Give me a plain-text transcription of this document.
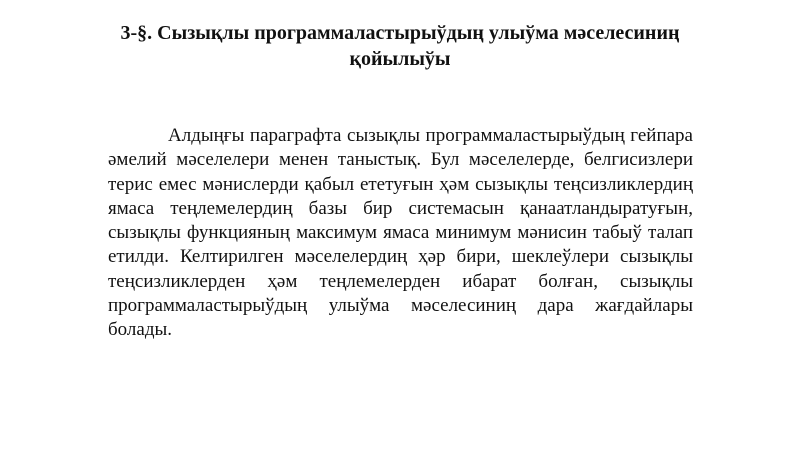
3-§. Сызықлы программаластырыўдың улыўма мәселесиниң қойылыўы

Алдыңғы параграфта сызықлы программаластырыўдың гейпара әмелий мәселелери менен таныстық. Бул мәселелерде, белгисизлери терис емес мәнислерди қабыл ететуғын ҳәм сызықлы теңсизликлердиң ямаса теңлемелердиң базы бир системасын қанаатландыратуғын, сызықлы функцияның максимум ямаса минимум мәнисин табыў талап етилди. Келтирилген мәселелердиң ҳәр бири, шеклеўлери сызықлы теңсизликлерден ҳәм теңлемелерден ибарат болған, сызықлы программаластырыўдың улыўма мәселесиниң дара жағдайлары болады.
